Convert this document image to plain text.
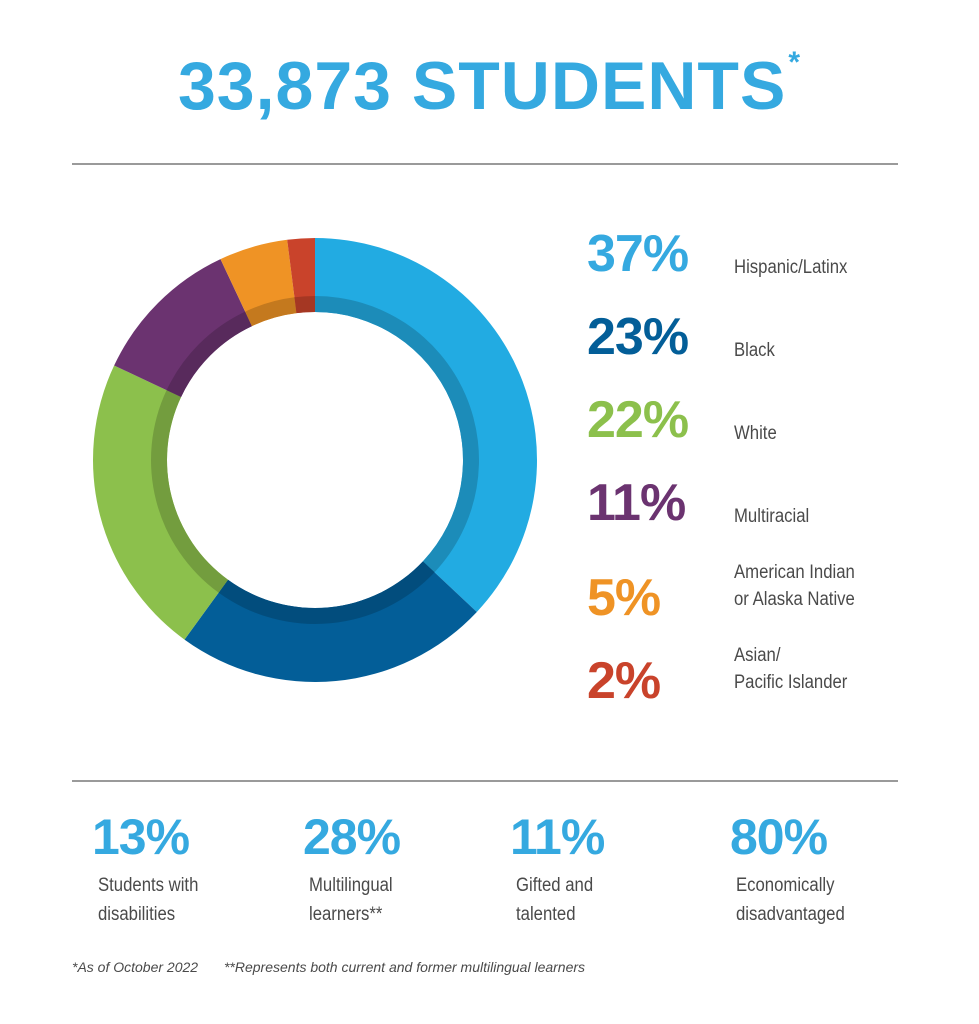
33,873 STUDENTS*
37% Hispanic/Latinx
23% Black
22% White
11%	Multiracial
5%	American Indian
or Alaska Native
2%	Asian/
Pacific Islander
13%
Students with
disabilities
28%
Multilingual
learners**
11%
Gifted and
talented
80%
Economically
disadvantaged
*As of October 2022 **Represents both current and former multilingual learners
